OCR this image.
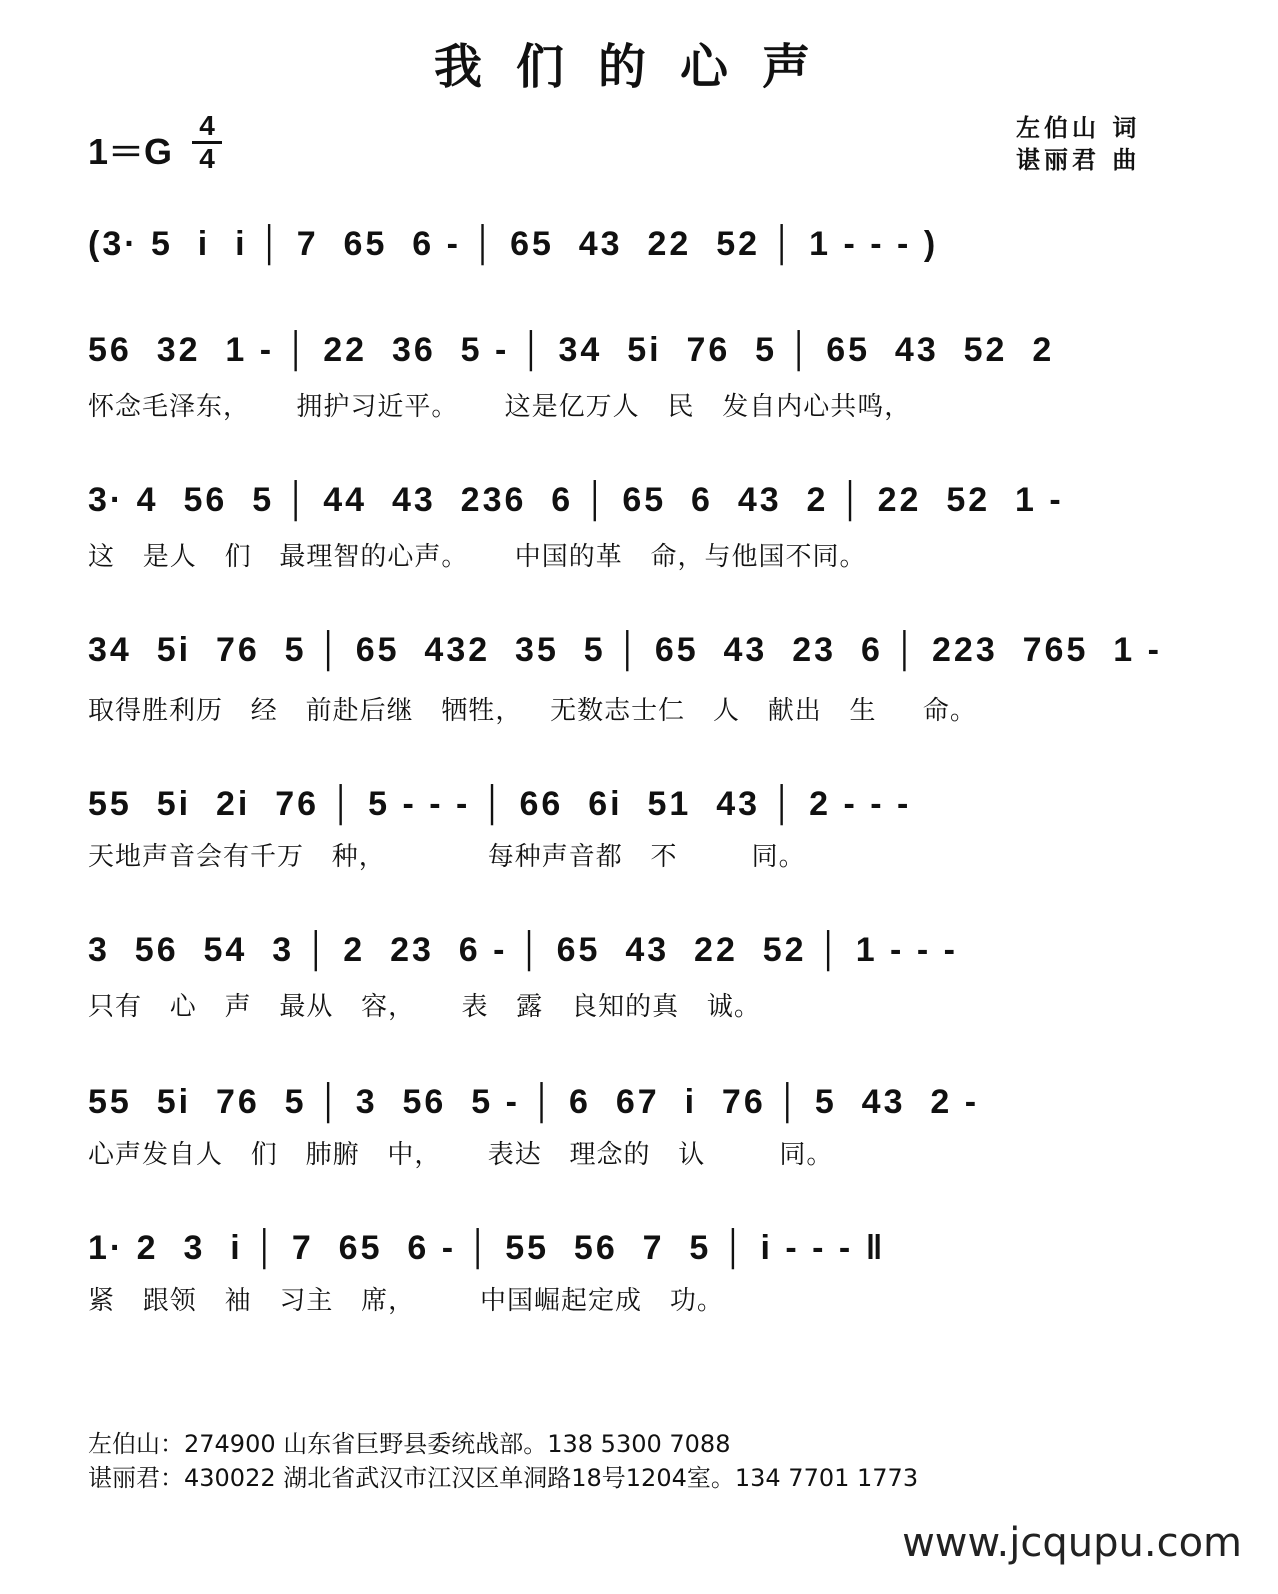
我们的心声
1＝G
4
4
左伯山 词
谌丽君 曲
(3· 5  i  i │ 7  65  6 - │ 65  43  22  52 │ 1 - - - )
56  32  1 - │ 22  36  5 - │ 34  5i  76  5 │ 65  43  52  2
怀念毛泽东，     拥护习近平。     这是亿万人   民   发自内心共鸣，
3· 4  56  5 │ 44  43  236  6 │ 65  6  43  2 │ 22  52  1 -
这   是人   们   最理智的心声。     中国的革   命，与他国不同。
34  5i  76  5 │ 65  432  35  5 │ 65  43  23  6 │ 223  765  1 -
取得胜利历   经   前赴后继   牺牲，   无数志士仁   人   献出   生     命。
55  5i  2i  76 │ 5 - - - │ 66  6i  51  43 │ 2 - - -
天地声音会有千万   种，           每种声音都   不        同。
3  56  54  3 │ 2  23  6 - │ 65  43  22  52 │ 1 - - -
只有   心   声   最从   容，     表   露   良知的真   诚。
55  5i  76  5 │ 3  56  5 - │ 6  67  i  76 │ 5  43  2 -
心声发自人   们   肺腑   中，     表达   理念的   认        同。
1· 2  3  i │ 7  65  6 - │ 55  56  7  5 │ i - - - ‖
紧   跟领   袖   习主   席，       中国崛起定成   功。
左伯山：274900 山东省巨野县委统战部。138 5300 7088
谌丽君：430022 湖北省武汉市江汉区单洞路18号1204室。134 7701 1773
www.jcqupu.com
